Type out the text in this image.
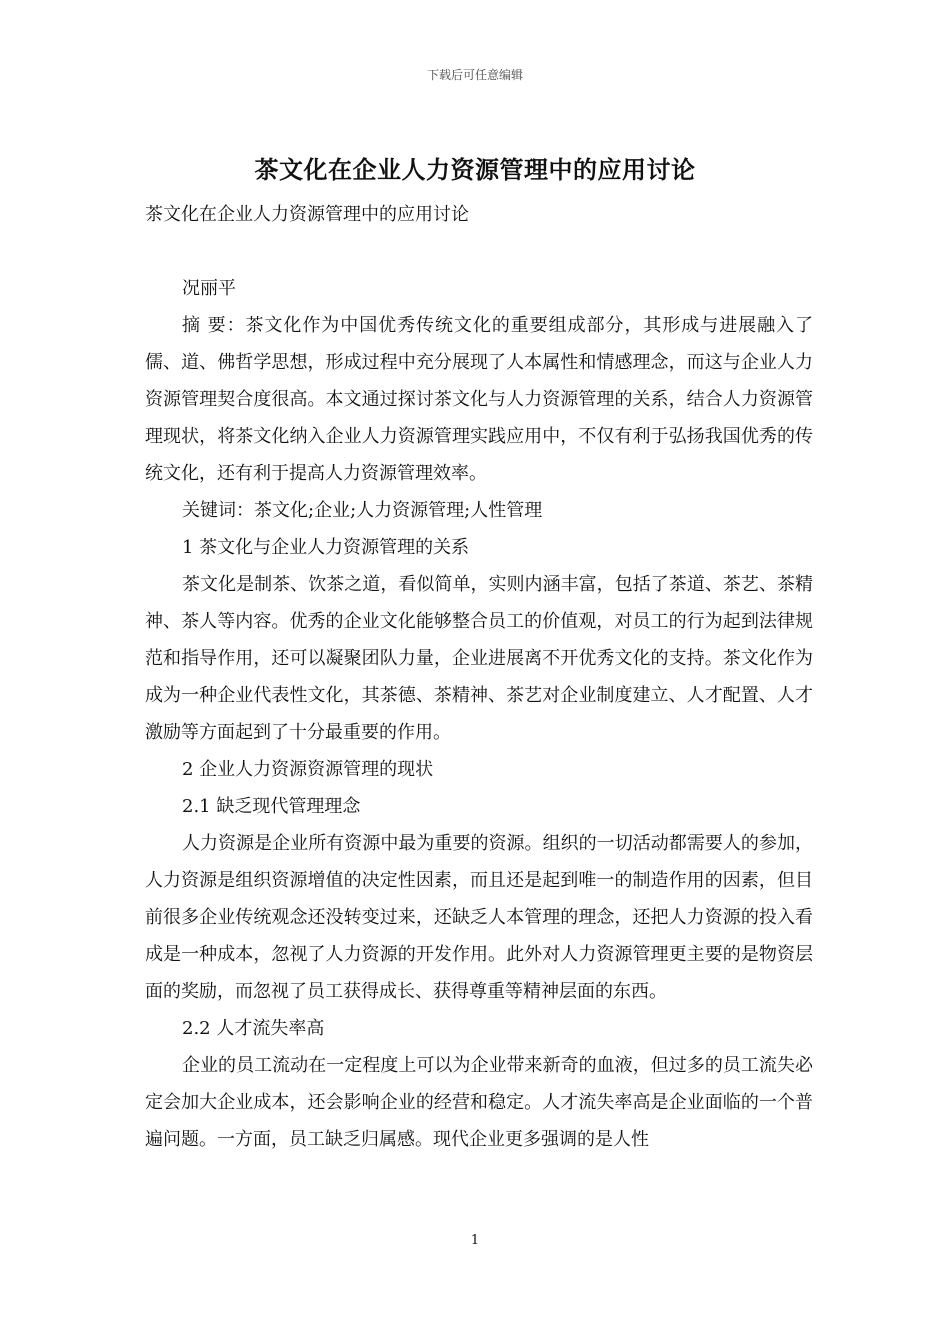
下载后可任意编辑
茶文化在企业人力资源管理中的应用讨论

茶文化在企业人力资源管理中的应用讨论

况丽平

摘 要：茶文化作为中国优秀传统文化的重要组成部分，其形成与进展融入了儒、道、佛哲学思想，形成过程中充分展现了人本属性和情感理念，而这与企业人力资源管理契合度很高。本文通过探讨茶文化与人力资源管理的关系，结合人力资源管理现状，将茶文化纳入企业人力资源管理实践应用中，不仅有利于弘扬我国优秀的传统文化，还有利于提高人力资源管理效率。

关键词：茶文化;企业;人力资源管理;人性管理

1 茶文化与企业人力资源管理的关系

茶文化是制茶、饮茶之道，看似简单，实则内涵丰富，包括了茶道、茶艺、茶精神、茶人等内容。优秀的企业文化能够整合员工的价值观，对员工的行为起到法律规范和指导作用，还可以凝聚团队力量，企业进展离不开优秀文化的支持。茶文化作为成为一种企业代表性文化，其茶德、茶精神、茶艺对企业制度建立、人才配置、人才激励等方面起到了十分最重要的作用。

2 企业人力资源资源管理的现状

2.1 缺乏现代管理理念

人力资源是企业所有资源中最为重要的资源。组织的一切活动都需要人的参加，人力资源是组织资源增值的决定性因素，而且还是起到唯一的制造作用的因素，但目前很多企业传统观念还没转变过来，还缺乏人本管理的理念，还把人力资源的投入看成是一种成本，忽视了人力资源的开发作用。此外对人力资源管理更主要的是物资层面的奖励，而忽视了员工获得成长、获得尊重等精神层面的东西。

2.2 人才流失率高

企业的员工流动在一定程度上可以为企业带来新奇的血液，但过多的员工流失必定会加大企业成本，还会影响企业的经营和稳定。人才流失率高是企业面临的一个普遍问题。一方面，员工缺乏归属感。现代企业更多强调的是人性

1
